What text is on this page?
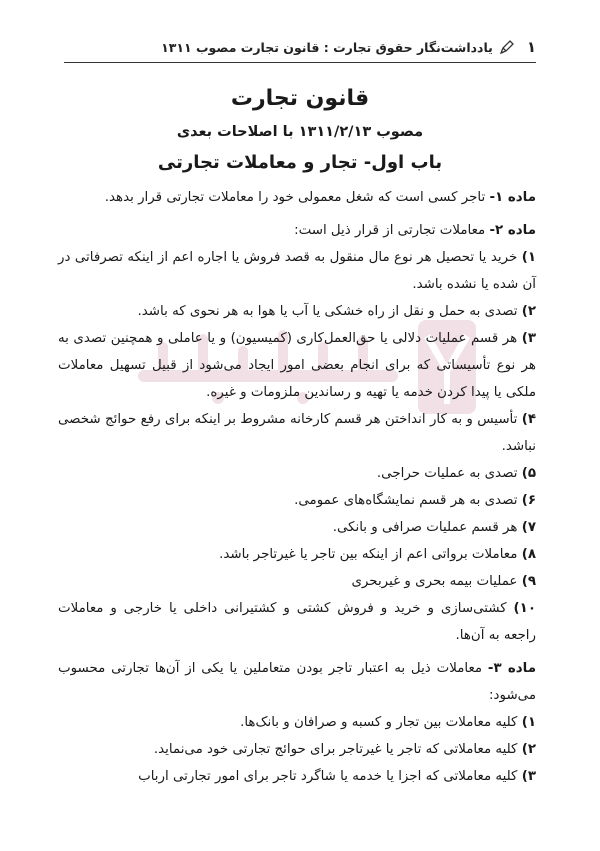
۱
یادداشت‌نگار حقوق تجارت : قانون تجارت مصوب ۱۳۱۱
قانون تجارت
مصوب ۱۳۱۱/۲/۱۳ با اصلاحات بعدی
باب اول- تجار و معاملات تجارتی

ماده ۱- تاجر کسی است که شغل معمولی خود را معاملات تجارتی قرار بدهد.

ماده ۲- معاملات تجارتی از قرار ذیل است:

۱) خرید یا تحصیل هر نوع مال منقول به قصد فروش یا اجاره اعم از اینکه تصرفاتی در آن شده یا نشده باشد.

۲) تصدی به حمل و نقل از راه خشکی یا آب یا هوا به هر نحوی که باشد.

۳) هر قسم عملیات دلالی یا حق‌العمل‌کاری (کمیسیون) و یا عاملی و همچنین تصدی به هر نوع تأسیساتی که برای انجام بعضی امور ایجاد می‌شود از قبیل تسهیل معاملات ملکی یا پیدا کردن خدمه یا تهیه و رساندین ملزومات و غیره.

۴) تأسیس و به کار انداختن هر قسم کارخانه مشروط بر اینکه برای رفع حوائج شخصی نباشد.

۵) تصدی به عملیات حراجی.

۶) تصدی به هر قسم نمایشگاه‌های عمومی.

۷) هر قسم عملیات صرافی و بانکی.

۸) معاملات برواتی اعم از اینکه بین تاجر یا غیرتاجر باشد.

۹) عملیات بیمه بحری و غیربحری

۱۰) کشتی‌سازی و خرید و فروش کشتی و کشتیرانی داخلی یا خارجی و معاملات راجعه به آن‌ها.

ماده ۳- معاملات ذیل به اعتبار تاجر بودن متعاملین یا یکی از آن‌ها تجارتی محسوب می‌شود:

۱) کلیه معاملات بین تجار و کسبه و صرافان و بانک‌ها.

۲) کلیه معاملاتی که تاجر یا غیرتاجر برای حوائج تجارتی خود می‌نماید.

۳) کلیه معاملاتی که اجزا یا خدمه یا شاگرد تاجر برای امور تجارتی ارباب
